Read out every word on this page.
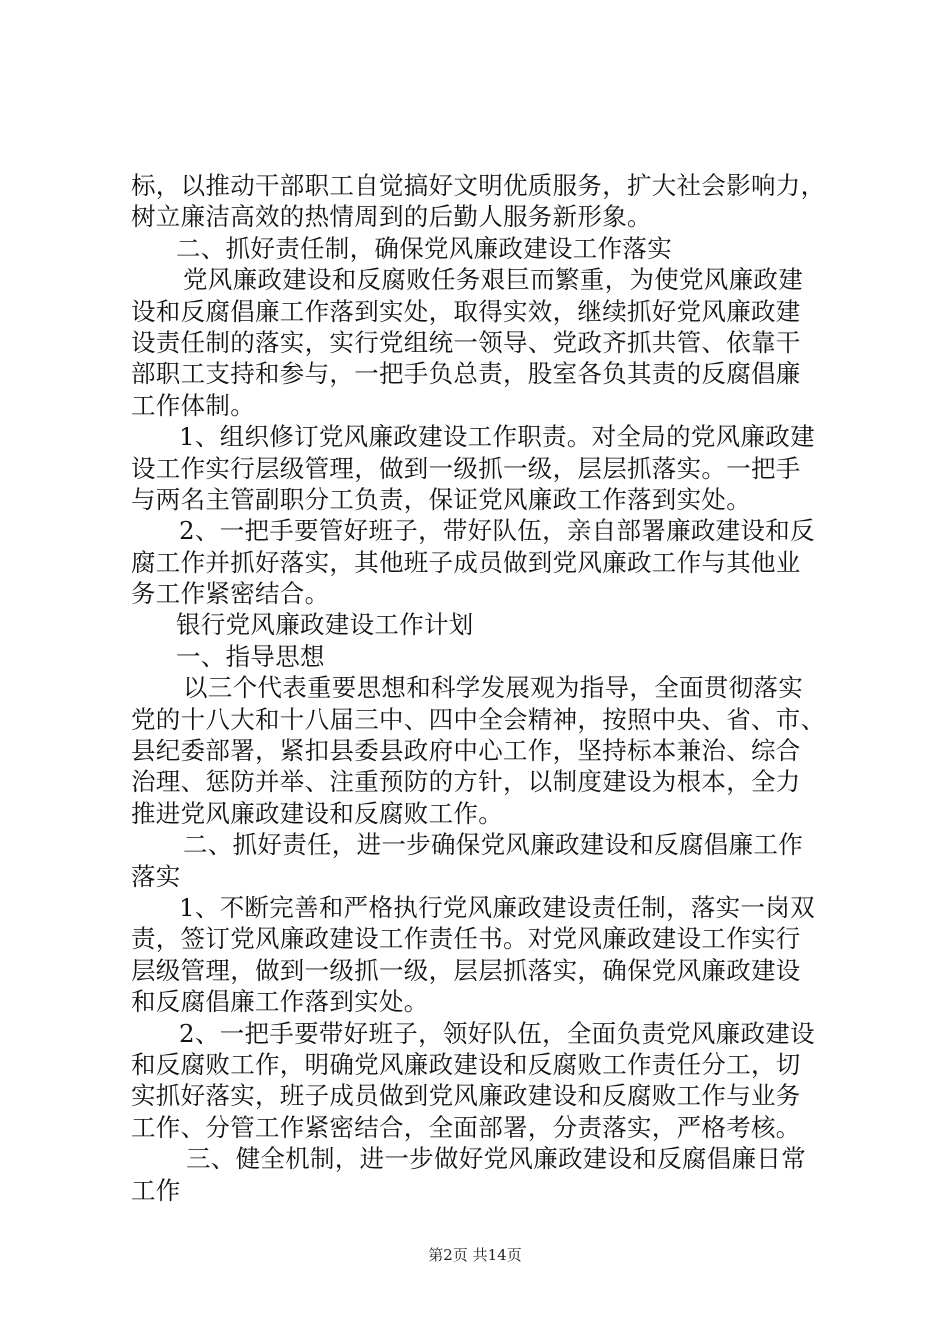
标，以推动干部职工自觉搞好文明优质服务，扩大社会影响力，
树立廉洁高效的热情周到的后勤人服务新形象。
二、抓好责任制，确保党风廉政建设工作落实
党风廉政建设和反腐败任务艰巨而繁重，为使党风廉政建
设和反腐倡廉工作落到实处，取得实效，继续抓好党风廉政建
设责任制的落实，实行党组统一领导、党政齐抓共管、依靠干
部职工支持和参与，一把手负总责，股室各负其责的反腐倡廉
工作体制。
1、组织修订党风廉政建设工作职责。对全局的党风廉政建
设工作实行层级管理，做到一级抓一级，层层抓落实。一把手
与两名主管副职分工负责，保证党风廉政工作落到实处。
2、一把手要管好班子，带好队伍，亲自部署廉政建设和反
腐工作并抓好落实，其他班子成员做到党风廉政工作与其他业
务工作紧密结合。
银行党风廉政建设工作计划
一、指导思想
以三个代表重要思想和科学发展观为指导，全面贯彻落实
党的十八大和十八届三中、四中全会精神，按照中央、省、市、
县纪委部署，紧扣县委县政府中心工作，坚持标本兼治、综合
治理、惩防并举、注重预防的方针，以制度建设为根本，全力
推进党风廉政建设和反腐败工作。
二、抓好责任，进一步确保党风廉政建设和反腐倡廉工作
落实
1、不断完善和严格执行党风廉政建设责任制，落实一岗双
责，签订党风廉政建设工作责任书。对党风廉政建设工作实行
层级管理，做到一级抓一级，层层抓落实，确保党风廉政建设
和反腐倡廉工作落到实处。
2、一把手要带好班子，领好队伍，全面负责党风廉政建设
和反腐败工作，明确党风廉政建设和反腐败工作责任分工，切
实抓好落实，班子成员做到党风廉政建设和反腐败工作与业务
工作、分管工作紧密结合，全面部署，分责落实，严格考核。
三、健全机制，进一步做好党风廉政建设和反腐倡廉日常
工作
第2页 共14页
